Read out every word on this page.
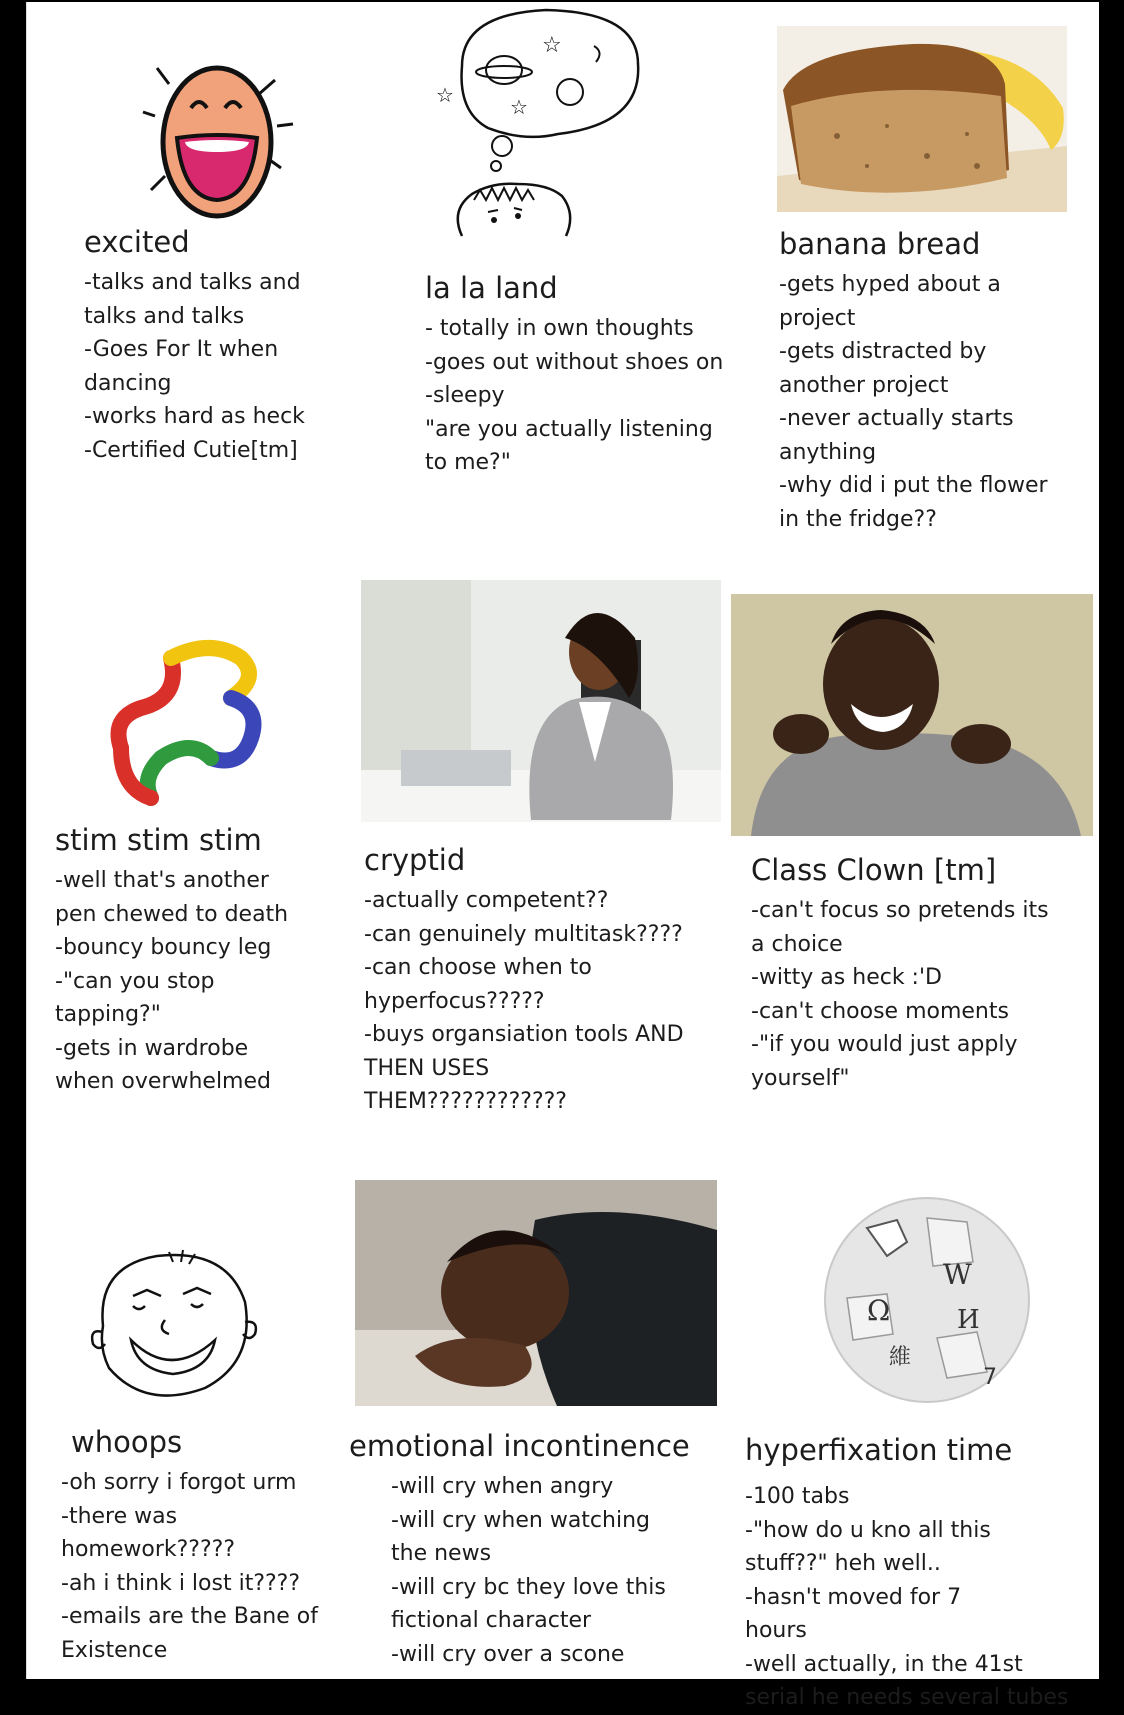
excited

-talks and talks and

talks and talks

-Goes For It when

dancing

-works hard as heck

-Certified Cutie[tm]

☆
☆	☆
la la land

- totally in own thoughts

-goes out without shoes on

-sleepy

"are you actually listening

to me?"

banana bread

-gets hyped about a

project

-gets distracted by

another project

-never actually starts

anything

-why did i put the flower

in the fridge??

stim stim stim

-well that's another

pen chewed to death

-bouncy bouncy leg

-"can you stop

tapping?"

-gets in wardrobe

when overwhelmed

cryptid

-actually competent??

-can genuinely multitask????

-can choose when to

hyperfocus?????

-buys organsiation tools AND

THEN USES

THEM????????????

Class Clown [tm]

-can't focus so pretends its

a choice

-witty as heck :'D

-can't choose moments

-"if you would just apply

yourself"

whoops

-oh sorry i forgot urm

-there was

homework?????

-ah i think i lost it????

-emails are the Bane of

Existence

emotional incontinence

-will cry when angry

-will cry when watching

the news

-will cry bc they love this

fictional character

-will cry over a scone

W
Ω	И
維
7
hyperfixation time

-100 tabs

-"how do u kno all this

stuff??" heh well..

-hasn't moved for 7

hours

-well actually, in the 41st

serial he needs several tubes
